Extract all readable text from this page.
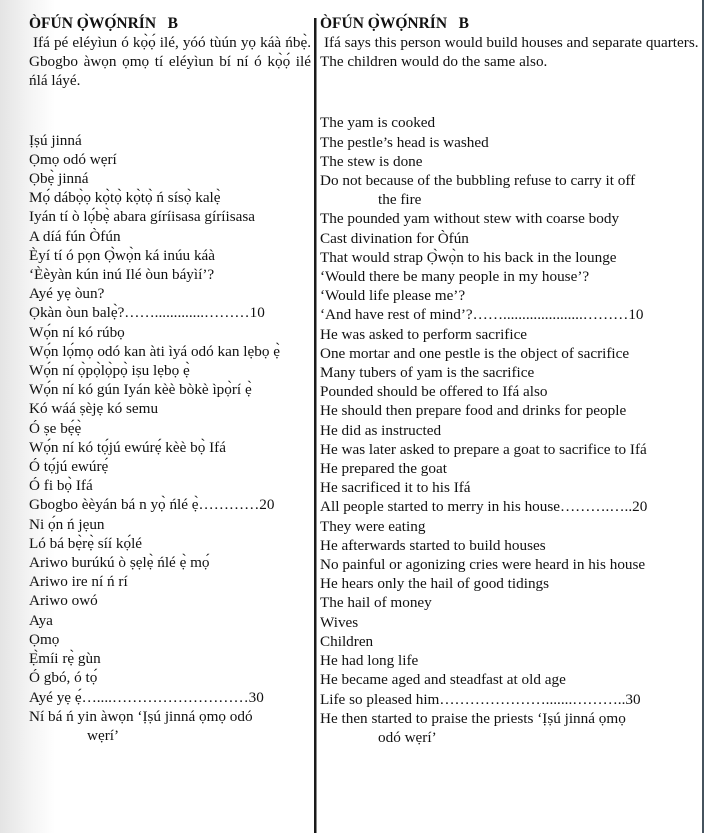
ÒFÚN Ọ̀WỌ́NRÍN   B

Ifá pé eléyìun ó kọ̀ọ́ ilé, yóó tùún yọ káà ńbẹ̀. Gbogbo àwọn ọmọ tí eléyìun bí ní ó kọ̀ọ́ ilé ńlá láyé.

Ịṣú jinná
Ọmọ odó wẹrí
Ọbẹ̀ jinná
Mọ́ dábọ̀ọ kọ̀tọ̀ kọ̀tọ̀ ń sísọ̀ kalẹ̀
Iyán tí ò lọ́bẹ̀ abara gíríisasa gíríisasa
A díá fún Òfún
Èyí tí ó pọn Ọ̀wọ̀n ká inúu káà
‘Èèyàn kún inú Ilé òun báyìí’?
Ayé yẹ òun?
Ọkàn òun balẹ̀?…….............………10
Wọ́n ní kó rúbọ
Wọ́n lọ́mọ odó kan àti ìyá odó kan lẹbọ ẹ̀
Wọ́n ní ọ̀pọ̀lọ̀pọ̀ iṣu lẹbọ ẹ̀
Wọ́n ní kó gún Iyán kèè bòkè ìpọ̀rí ẹ̀
Kó wáá ṣèjẹ kó semu
Ó ṣe bẹ́ẹ̀
Wọ́n ní kó tọ́jú ewúrẹ́ kèè bọ̀ Ifá
Ó tọ́jú ewúrẹ́
Ó fi bọ̀ Ifá
Gbogbo èèyán bá n yọ̀ ńlé ẹ̀…………20
Ni ọ́n ń jẹun
Ló bá bẹ̀rẹ̀ síí kọ́lé
Ariwo burúkú ò ṣẹlẹ̀ ńlé ẹ̀ mọ́
Ariwo ire ní ń rí
Ariwo owó
Aya
Ọmọ
Ẹ̀míi rẹ̀ gùn
Ó gbó, ó tọ́
Ayé yẹ ẹ́…....………………………30
Ní bá ń yin àwọn ‘Ịṣú jinná ọmọ odó
wẹrí’
ÒFÚN Ọ̀WỌ́NRÍN   B

Ifá says this person would build houses and separate quarters. The children would do the same also.

The yam is cooked
The pestle’s head is washed
The stew is done
Do not because of the bubbling refuse to carry it off
the fire
The pounded yam without stew with coarse body
Cast divination for Òfún
That would strap Ọ̀wọ̀n to his back in the lounge
‘Would there be many people in my house’?
‘Would life please me’?
‘And have rest of mind’?…….....................………10
He was asked to perform sacrifice
One mortar and one pestle is the object of sacrifice
Many tubers of yam is the sacrifice
Pounded should be offered to Ifá also
He should then prepare food and drinks for people
He did as instructed
He was later asked to prepare a goat to sacrifice to Ifá
He prepared the goat
He sacrificed it to his Ifá
All people started to merry in his house……….…..20
They were eating
He afterwards started to build houses
No painful or agonizing cries were heard in his house
He hears only the hail of good tidings
The hail of money
Wives
Children
He had long life
He became aged and steadfast at old age
Life so pleased him………………….......………..30
He then started to praise the priests ‘Ịṣú jinná ọmọ
odó wẹrí’
